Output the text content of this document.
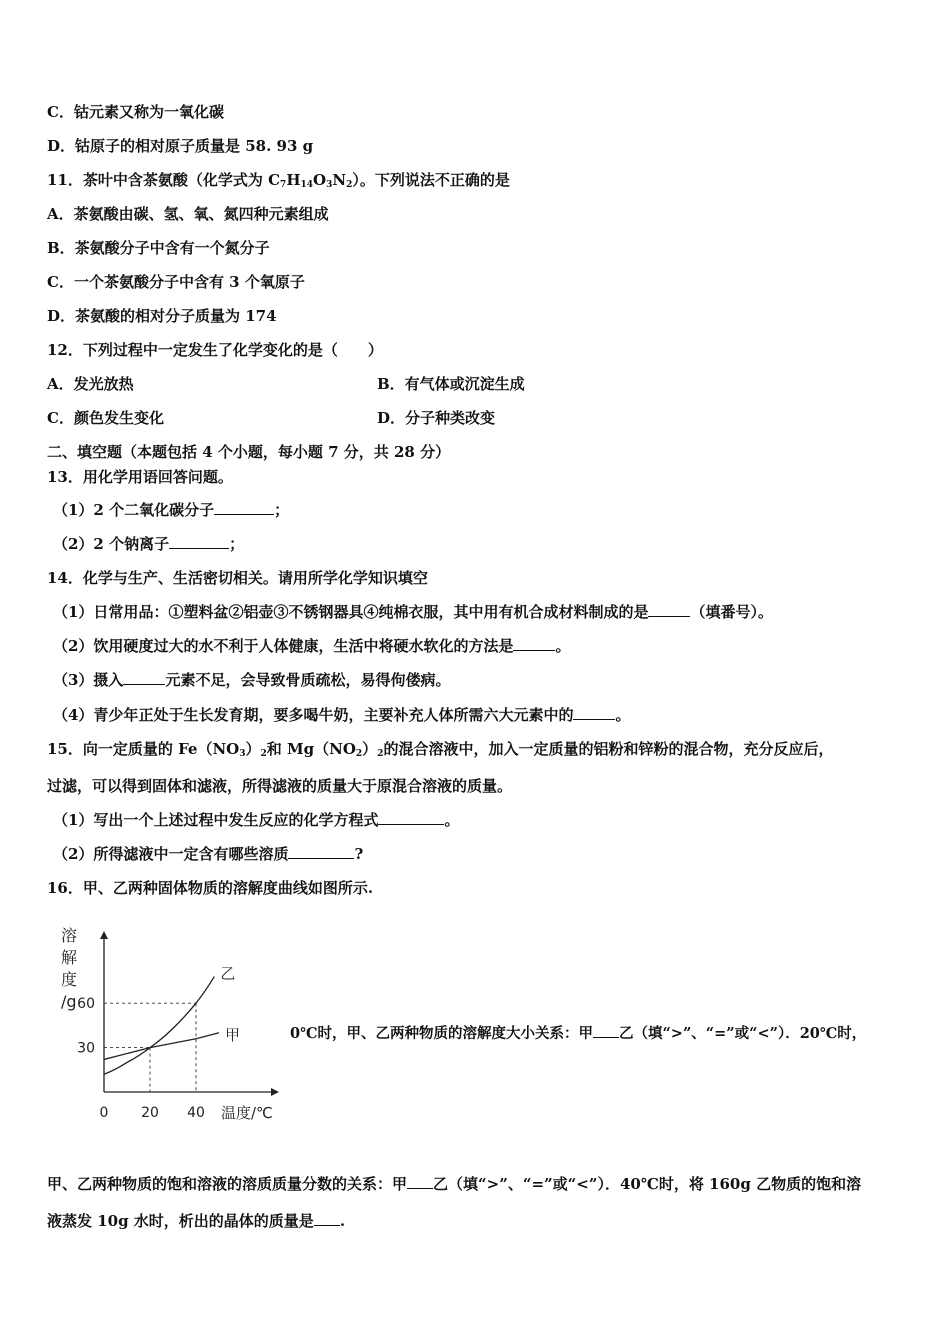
C．钴元素又称为一氧化碳
D．钴原子的相对原子质量是 58. 93 g
11．茶叶中含茶氨酸（化学式为 $C_7H_{14}O_3N_2$）。下列说法不正确的是
A．茶氨酸由碳、氢、氧、氮四种元素组成
B．茶氨酸分子中含有一个氮分子
C．一个茶氨酸分子中含有 3 个氧原子
D．茶氨酸的相对分子质量为 174
12．下列过程中一定发生了化学变化的是（　　）
A．发光放热	B．有气体或沉淀生成
C．颜色发生变化	D．分子种类改变
二、填空题（本题包括 4 个小题，每小题 7 分，共 28 分）
13．用化学用语回答问题。
（1）2 个二氧化碳分子	；
（2）2 个钠离子	；
14．化学与生产、生活密切相关。请用所学化学知识填空
（1）日常用品：①塑料盆②铝壶③不锈钢器具④纯棉衣服，其中用有机合成材料制成的是	（填番号）。
（2）饮用硬度过大的水不利于人体健康，生活中将硬水软化的方法是	。
（3）摄入	元素不足，会导致骨质疏松，易得佝偻病。
（4）青少年正处于生长发育期，要多喝牛奶，主要补充人体所需六大元素中的	。
15．向一定质量的 $Fe(NO_3)_2$和 $Mg(NO_2)_2$的混合溶液中，加入一定质量的铝粉和锌粉的混合物，充分反应后，
过滤，可以得到固体和滤液，所得滤液的质量大于原混合溶液的质量。
（1）写出一个上述过程中发生反应的化学方程式	。
（2）所得滤液中一定含有哪些溶质	?
16．甲、乙两种固体物质的溶解度曲线如图所示.
乙
甲
0 20 40
30
60
溶
解
度
/g
温度/℃
0℃时，甲、乙两种物质的溶解度大小关系：甲 乙（填“>”、“=”或“<”）．20℃时，
甲、乙两种物质的饱和溶液的溶质质量分数的关系：甲 乙（填“>”、“=”或“<”）．40℃时，将 160g 乙物质的饱和溶
液蒸发 10g 水时，析出的晶体的质量是 .
